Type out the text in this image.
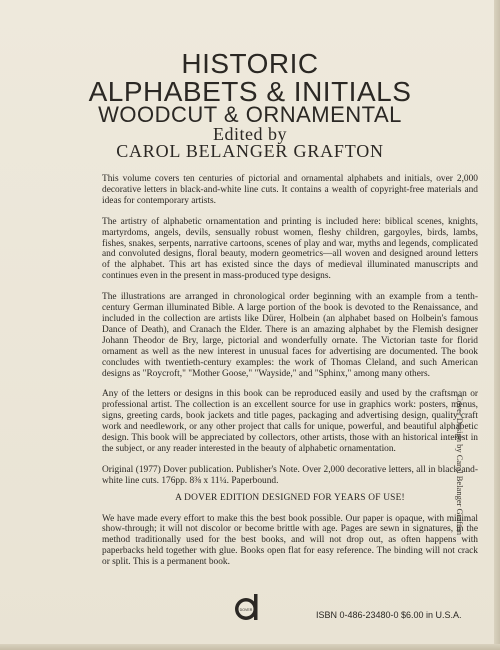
HISTORIC
ALPHABETS & INITIALS
WOODCUT & ORNAMENTAL
Edited by
CAROL BELANGER GRAFTON

This volume covers ten centuries of pictorial and ornamental alphabets and initials, over 2,000 decorative letters in black-and-white line cuts. It contains a wealth of copyright-free materials and ideas for contemporary artists.

The artistry of alphabetic ornamentation and printing is included here: biblical scenes, knights, martyrdoms, angels, devils, sensually robust women, fleshy children, gargoyles, birds, lambs, fishes, snakes, serpents, narrative cartoons, scenes of play and war, myths and legends, complicated and convoluted designs, floral beauty, modern geometrics—all woven and designed around letters of the alphabet. This art has existed since the days of medieval illuminated manuscripts and continues even in the present in mass-produced type designs.

The illustrations are arranged in chronological order beginning with an example from a tenth-century German illuminated Bible. A large portion of the book is devoted to the Renaissance, and included in the collection are artists like Dürer, Holbein (an alphabet based on Holbein's famous Dance of Death), and Cranach the Elder. There is an amazing alphabet by the Flemish designer Johann Theodor de Bry, large, pictorial and wonderfully ornate. The Victorian taste for florid ornament as well as the new interest in unusual faces for advertising are documented. The book concludes with twentieth-century examples: the work of Thomas Cleland, and such American designs as "Roycroft," "Mother Goose," "Wayside," and "Sphinx," among many others.

Any of the letters or designs in this book can be reproduced easily and used by the craftsman or professional artist. The collection is an excellent source for use in graphics work: posters, menus, signs, greeting cards, book jackets and title pages, packaging and advertising design, quality craft work and needlework, or any other project that calls for unique, powerful, and beautiful alphabetic design. This book will be appreciated by collectors, other artists, those with an historical interest in the subject, or any reader interested in the beauty of alphabetic ornamentation.

Original (1977) Dover publication. Publisher's Note. Over 2,000 decorative letters, all in black-and-white line cuts. 176pp. 8⅜ x 11¼. Paperbound.

A DOVER EDITION DESIGNED FOR YEARS OF USE!

We have made every effort to make this the best book possible. Our paper is opaque, with minimal show-through; it will not discolor or become brittle with age. Pages are sewn in signatures, in the method traditionally used for the best books, and will not drop out, as often happens with paperbacks held together with glue. Books open flat for easy reference. The binding will not crack or split. This is a permanent book.

Cover Design by Carol Belanger Grafton
DOVER	ISBN 0-486-23480-0 $6.00 in U.S.A.
